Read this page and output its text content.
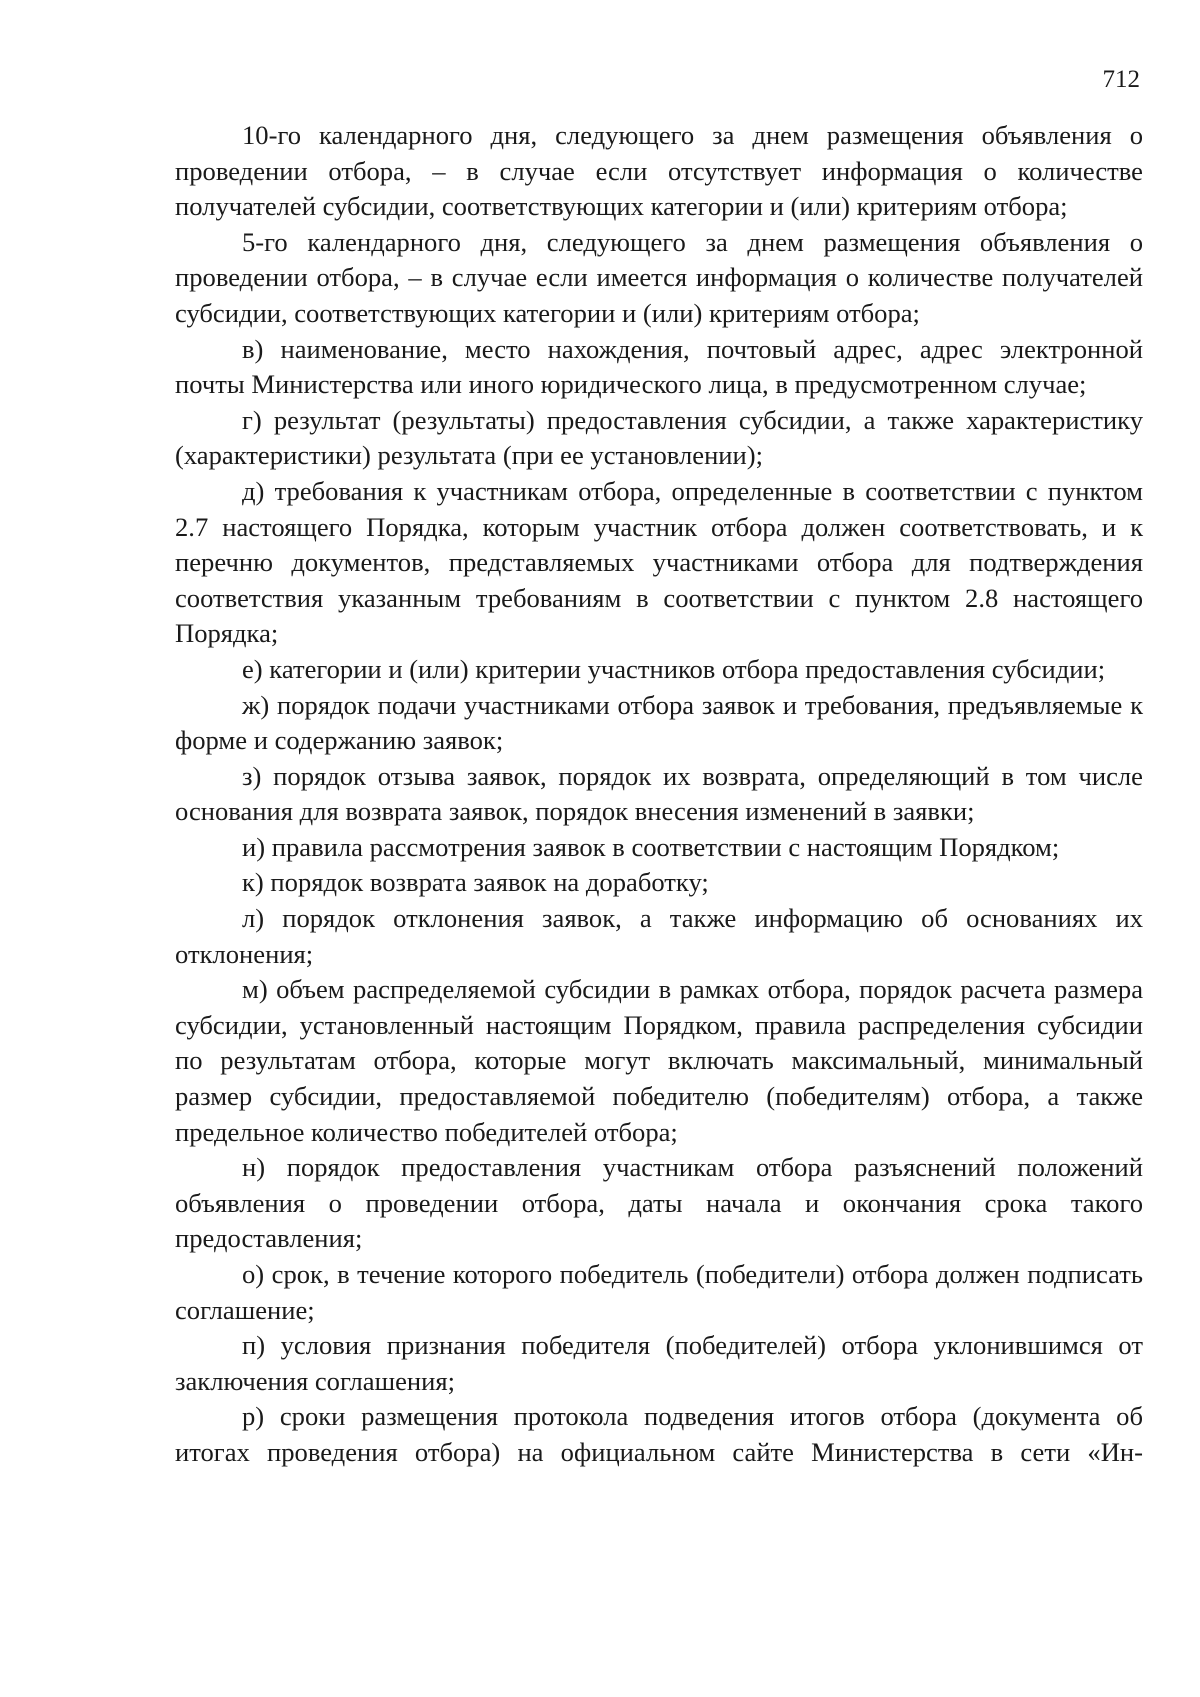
712

10-го календарного дня, следующего за днем размещения объявления о проведении отбора, – в случае если отсутствует информация о количестве получателей субсидии, соответствующих категории и (или) критериям отбора;

5-го календарного дня, следующего за днем размещения объявления о проведении отбора, – в случае если имеется информация о количестве получателей субсидии, соответствующих категории и (или) критериям отбора;

в) наименование, место нахождения, почтовый адрес, адрес электронной почты Министерства или иного юридического лица, в предусмотренном случае;

г) результат (результаты) предоставления субсидии, а также характеристику (характеристики) результата (при ее установлении);

д) требования к участникам отбора, определенные в соответствии с пунктом 2.7 настоящего Порядка, которым участник отбора должен соответствовать, и к перечню документов, представляемых участниками отбора для подтверждения соответствия указанным требованиям в соответствии с пунктом 2.8 настоящего Порядка;

е) категории и (или) критерии участников отбора предоставления субсидии;

ж) порядок подачи участниками отбора заявок и требования, предъявляемые к форме и содержанию заявок;

з) порядок отзыва заявок, порядок их возврата, определяющий в том числе основания для возврата заявок, порядок внесения изменений в заявки;

и) правила рассмотрения заявок в соответствии с настоящим Порядком;

к) порядок возврата заявок на доработку;

л) порядок отклонения заявок, а также информацию об основаниях их отклонения;

м) объем распределяемой субсидии в рамках отбора, порядок расчета размера субсидии, установленный настоящим Порядком, правила распределения субсидии по результатам отбора, которые могут включать максимальный, минимальный размер субсидии, предоставляемой победителю (победителям) отбора, а также предельное количество победителей отбора;

н) порядок предоставления участникам отбора разъяснений положений объявления о проведении отбора, даты начала и окончания срока такого предоставления;

о) срок, в течение которого победитель (победители) отбора должен подписать соглашение;

п) условия признания победителя (победителей) отбора уклонившимся от заключения соглашения;

р) сроки размещения протокола подведения итогов отбора (документа об итогах проведения отбора) на официальном сайте Министерства в сети «Ин-
